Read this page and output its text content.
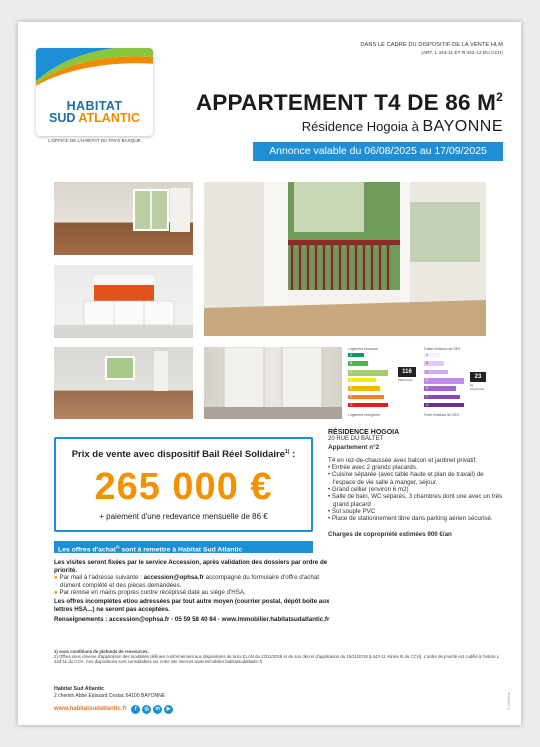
DANS LE CADRE DU DISPOSITIF DE LA VENTE HLM
(ART. L 443-11 ET R 443-12 DU CCH)
HABITAT
SUD ATLANTIC
L'OFFICE DE L'HABITAT DU PAYS BASQUE
APPARTEMENT T4 DE 86 $M^2$
Résidence Hogoia à BAYONNE
Annonce valable du 06/08/2025 au 17/09/2025
Logement économe
Logement énergivore
A
B
C
D
E
F
G
116
kWh/m²/an
Faible émission de GES
Forte émission de GES
A
B
C
D
E
F
G
23
kg CO₂/m²/an
Prix de vente avec dispositif Bail Réel Solidaire$^{1)}$ :
265 000 €
+ paiement d'une redevance mensuelle de 86 €
RÉSIDENCE HOGOIA
20 RUE DU BALTET
Appartement n°2
T4 en rez-de-chaussée avec balcon et jardinet privatif.
• Entrée avec 2 grands placards.
• Cuisine séparée (avec table haute et plan de travail) de l'espace de vie salle à manger, séjour.
• Grand cellier (environ 6 m2)
• Salle de bain, WC séparés, 3 chambres dont une avec un très grand placard
• Sol souple PVC
• Place de stationnement libre dans parking aérien sécurisé.
Charges de copropriété estimées 900 €/an
Les offres d'achat$^{2)}$ sont à remettre à Habitat Sud Atlantic
Les visites seront fixées par le service Accession, après validation des dossiers par ordre de priorité.
● Par mail à l'adresse suivante : accession@ophsa.fr accompagné du formulaire d'offre d'achat dûment complété et des pièces demandées.
● Par remise en mains propres contre récépissé daté au siège d'HSA.
Les offres incomplètes et/ou adressées par tout autre moyen (courrier postal, dépôt boîte aux lettres HSA...) ne seront pas acceptées.
Renseignements : accession@ophsa.fr - 05 59 58 40 84 - www.immobilier.habitatsudatlantic.fr
1) sous conditions de plafonds de ressources.
2) Offres sous réserve d'application des modalités définies conformément aux dispositions de la loi ELAN du 23/11/2018 et de son décret d'application du 15/11/2019 (L443-11 Alinéa III du CCH). L'ordre de priorité est codifié à l'article L 443-11 du CCH. Ces dispositions sont consultables sur notre site internet www.immobilier.habitatsudatlantic.fr
Habitat Sud Atlantic
2 chemin Abbé Edouard Cestac 64100 BAYONNE
www.habitatsudatlantic.fr	f	◎	in	▶	© CréaTica
